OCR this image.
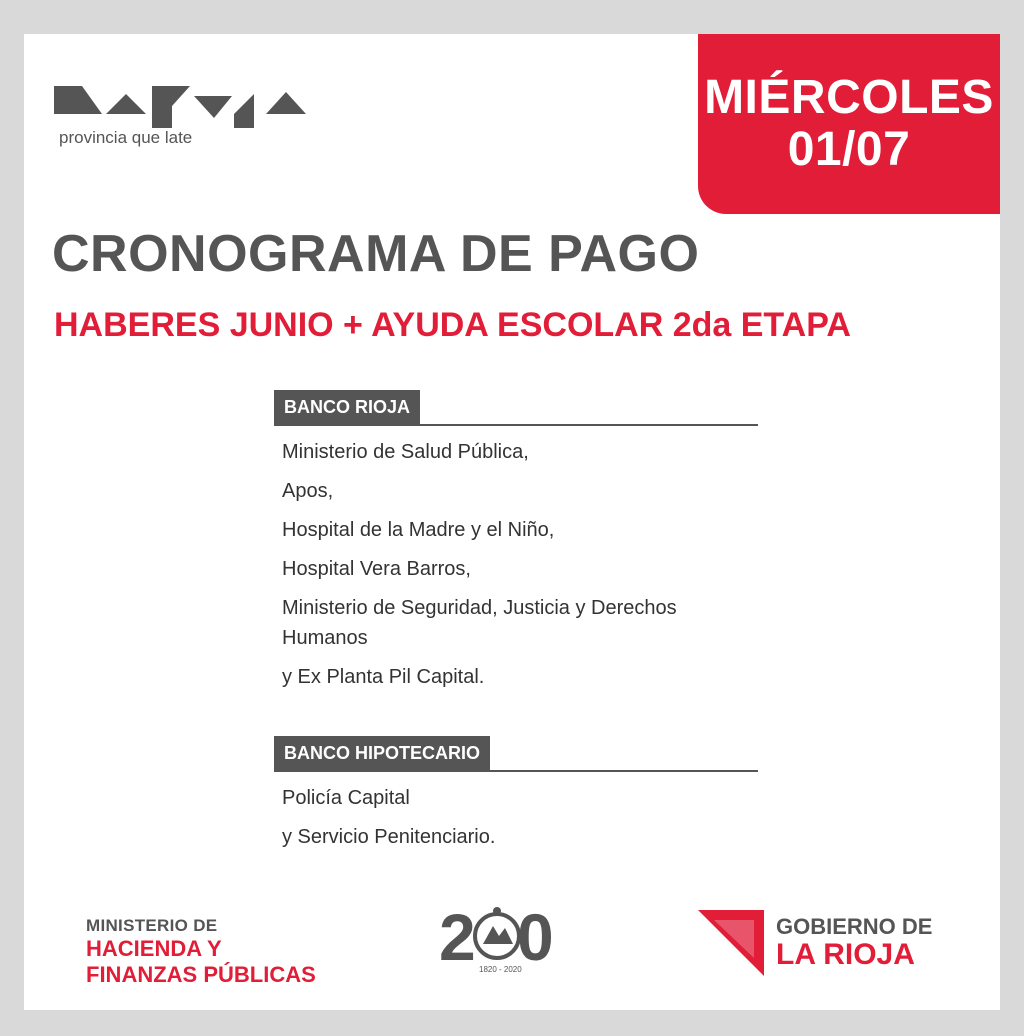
provincia que late
MIÉRCOLES
01/07
CRONOGRAMA DE PAGO
HABERES JUNIO + AYUDA ESCOLAR 2da ETAPA
BANCO RIOJA
Ministerio de Salud Pública,
Apos,
Hospital de la Madre y el Niño,
Hospital Vera Barros,
Ministerio de Seguridad, Justicia y Derechos Humanos
y Ex Planta Pil Capital.
BANCO HIPOTECARIO
Policía Capital
y Servicio Penitenciario.
MINISTERIO DE
HACIENDA Y
FINANZAS PÚBLICAS
2 0
1820 - 2020
GOBIERNO DE
LA RIOJA
